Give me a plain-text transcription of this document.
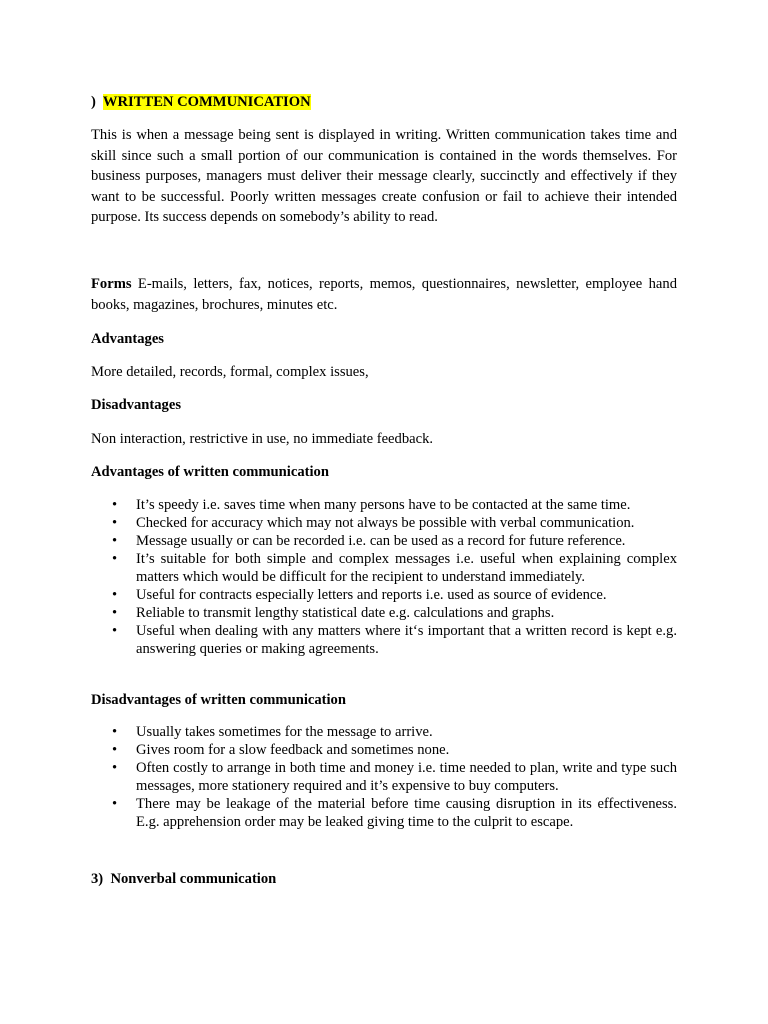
) WRITTEN COMMUNICATION

This is when a message being sent is displayed in writing. Written communication takes time and skill since such a small portion of our communication is contained in the words themselves. For business purposes, managers must deliver their message clearly, succinctly and effectively if they want to be successful. Poorly written messages create confusion or fail to achieve their intended purpose. Its success depends on somebody’s ability to read.

Forms E-mails, letters, fax, notices, reports, memos, questionnaires, newsletter, employee hand books, magazines, brochures, minutes etc.

Advantages

More detailed, records, formal, complex issues,

Disadvantages

Non interaction, restrictive in use, no immediate feedback.

Advantages of written communication

• It’s speedy i.e. saves time when many persons have to be contacted at the same time.
• Checked for accuracy which may not always be possible with verbal communication.
• Message usually or can be recorded i.e. can be used as a record for future reference.
• It’s suitable for both simple and complex messages i.e. useful when explaining complex matters which would be difficult for the recipient to understand immediately.
• Useful for contracts especially letters and reports i.e. used as source of evidence.
• Reliable to transmit lengthy statistical date e.g. calculations and graphs.
• Useful when dealing with any matters where it‘s important that a written record is kept e.g. answering queries or making agreements.

Disadvantages of written communication

• Usually takes sometimes for the message to arrive.
• Gives room for a slow feedback and sometimes none.
• Often costly to arrange in both time and money i.e. time needed to plan, write and type such messages, more stationery required and it’s expensive to buy computers.
• There may be leakage of the material before time causing disruption in its effectiveness. E.g. apprehension order may be leaked giving time to the culprit to escape.

3) Nonverbal communication
